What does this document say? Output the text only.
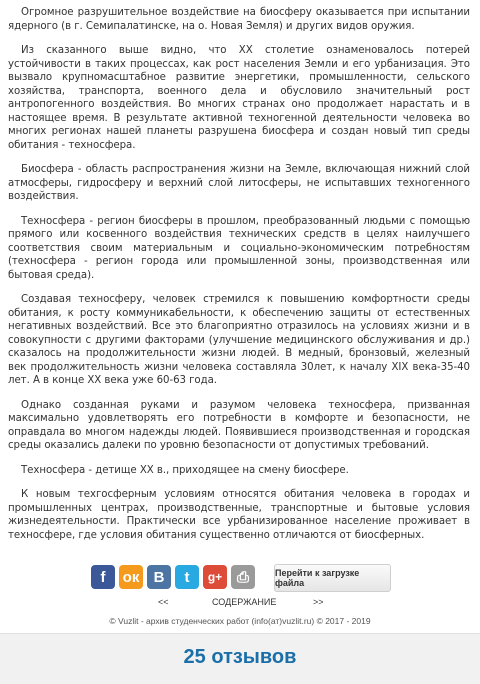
Огромное разрушительное воздействие на биосферу оказывается при испытании ядерного (в г. Семипалатинске, на о. Новая Земля) и других видов оружия.

Из сказанного выше видно, что XX столетие ознаменовалось потерей устойчивости в таких процессах, как рост населения Земли и его урбанизация. Это вызвало крупномасштабное развитие энергетики, промышленности, сельского хозяйства, транспорта, военного дела и обусловило значительный рост антропогенного воздействия. Во многих странах оно продолжает нарастать и в настоящее время. В результате активной техногенной деятельности человека во многих регионах нашей планеты разрушена биосфера и создан новый тип среды обитания - техносфера.

Биосфера - область распространения жизни на Земле, включающая нижний слой атмосферы, гидросферу и верхний слой литосферы, не испытавших техногенного воздействия.

Техносфера - регион биосферы в прошлом, преобразованный людьми с помощью прямого или косвенного воздействия технических средств в целях наилучшего соответствия своим материальным и социально-экономическим потребностям (техносфера - регион города или промышленной зоны, производственная или бытовая среда).

Создавая техносферу, человек стремился к повышению комфортности среды обитания, к росту коммуникабельности, к обеспечению защиты от естественных негативных воздействий. Все это благоприятно отразилось на условиях жизни и в совокупности с другими факторами (улучшение медицинского обслуживания и др.) сказалось на продолжительности жизни людей. В медный, бронзовый, железный век продолжительность жизни человека составляла 30лет, к началу XIX века-35-40 лет. А в конце XX века уже 60-63 года.

Однако созданная руками и разумом человека техносфера, призванная максимально удовлетворять его потребности в комфорте и безопасности, не оправдала во многом надежды людей. Появившиеся производственная и городская среды оказались далеки по уровню безопасности от допустимых требований.

Техносфера - детище XX в., приходящее на смену биосфере.

К новым техгосферным условиям относятся обитания человека в городах и промышленных центрах, производственные, транспортные и бытовые условия жизнедеятельности. Практически все урбанизированное население проживает в техносфере, где условия обитания существенно отличаются от биосферных.

f	ок B	t	g+ ⎙	Перейти к загрузке файла
<<	СОДЕРЖАНИЕ	>>
© Vuzlit - архив студенческих работ (info(ат)vuzlit.ru) © 2017 - 2019
25 отзывов
